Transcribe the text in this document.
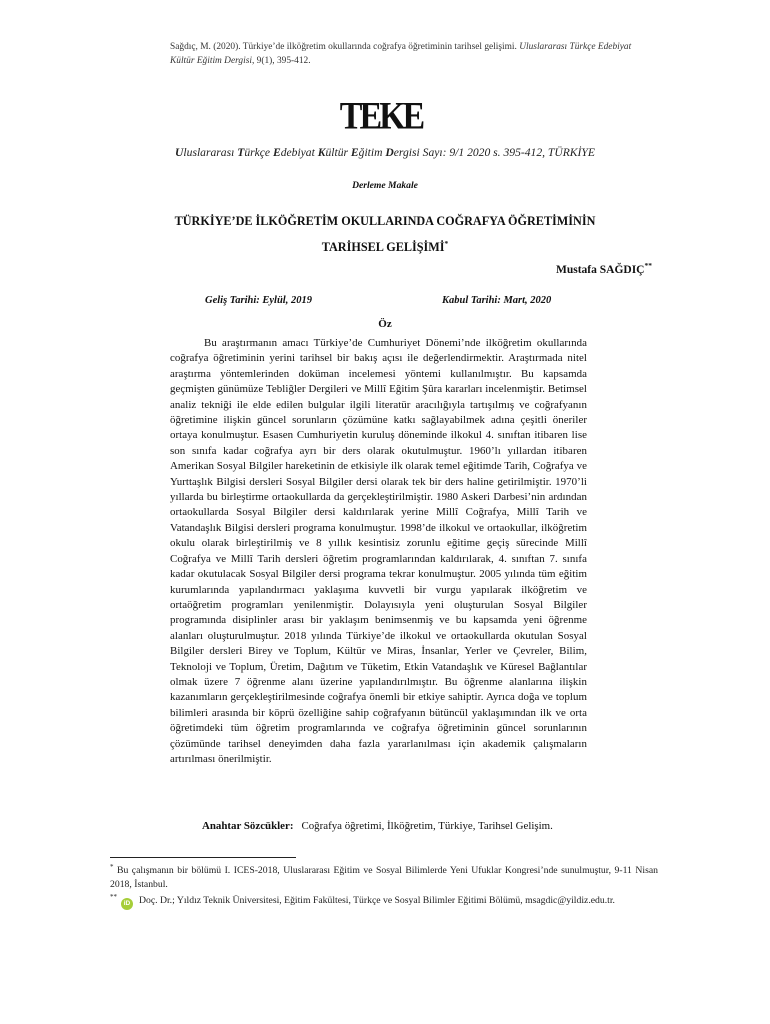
Sağdıç, M. (2020). Türkiye’de ilköğretim okullarında coğrafya öğretiminin tarihsel gelişimi. Uluslararası Türkçe Edebiyat Kültür Eğitim Dergisi, 9(1), 395-412.
TEKE
Uluslararası Türkçe Edebiyat Kültür Eğitim Dergisi Sayı: 9/1 2020 s. 395-412, TÜRKİYE
Derleme Makale
TÜRKİYE’DE İLKÖĞRETİM OKULLARINDA COĞRAFYA ÖĞRETİMİNİN
TARİHSEL GELİŞİMİ*
Mustafa SAĞDIÇ**
Geliş Tarihi: Eylül, 2019	Kabul Tarihi: Mart, 2020
Öz

Bu araştırmanın amacı Türkiye’de Cumhuriyet Dönemi’nde ilköğretim okullarında coğrafya öğretiminin yerini tarihsel bir bakış açısı ile değerlendirmektir. Araştırmada nitel araştırma yöntemlerinden doküman incelemesi yöntemi kullanılmıştır. Bu kapsamda geçmişten günümüze Tebliğler Dergileri ve Millî Eğitim Şûra kararları incelenmiştir. Betimsel analiz tekniği ile elde edilen bulgular ilgili literatür aracılığıyla tartışılmış ve coğrafyanın öğretimine ilişkin güncel sorunların çözümüne katkı sağlayabilmek adına çeşitli öneriler ortaya konulmuştur. Esasen Cumhuriyetin kuruluş döneminde ilkokul 4. sınıftan itibaren lise son sınıfa kadar coğrafya ayrı bir ders olarak okutulmuştur. 1960’lı yıllardan itibaren Amerikan Sosyal Bilgiler hareketinin de etkisiyle ilk olarak temel eğitimde Tarih, Coğrafya ve Yurttaşlık Bilgisi dersleri Sosyal Bilgiler dersi olarak tek bir ders haline getirilmiştir. 1970’li yıllarda bu birleştirme ortaokullarda da gerçekleştirilmiştir. 1980 Askeri Darbesi’nin ardından ortaokullarda Sosyal Bilgiler dersi kaldırılarak yerine Millî Coğrafya, Millî Tarih ve Vatandaşlık Bilgisi dersleri programa konulmuştur. 1998’de ilkokul ve ortaokullar, ilköğretim okulu olarak birleştirilmiş ve 8 yıllık kesintisiz zorunlu eğitime geçiş sürecinde Millî Coğrafya ve Millî Tarih dersleri öğretim programlarından kaldırılarak, 4. sınıftan 7. sınıfa kadar okutulacak Sosyal Bilgiler dersi programa tekrar konulmuştur. 2005 yılında tüm eğitim kurumlarında yapılandırmacı yaklaşıma kuvvetli bir vurgu yapılarak ilköğretim ve ortaöğretim programları yenilenmiştir. Dolayısıyla yeni oluşturulan Sosyal Bilgiler programında disiplinler arası bir yaklaşım benimsenmiş ve bu kapsamda yeni öğrenme alanları oluşturulmuştur. 2018 yılında Türkiye’de ilkokul ve ortaokullarda okutulan Sosyal Bilgiler dersleri Birey ve Toplum, Kültür ve Miras, İnsanlar, Yerler ve Çevreler, Bilim, Teknoloji ve Toplum, Üretim, Dağıtım ve Tüketim, Etkin Vatandaşlık ve Küresel Bağlantılar olmak üzere 7 öğrenme alanı üzerine yapılandırılmıştır. Bu öğrenme alanlarına ilişkin kazanımların gerçekleştirilmesinde coğrafya önemli bir etkiye sahiptir. Ayrıca doğa ve toplum bilimleri arasında bir köprü özelliğine sahip coğrafyanın bütüncül yaklaşımından ilk ve orta öğretimdeki tüm öğretim programlarında ve coğrafya öğretiminin güncel sorunlarının çözümünde tarihsel deneyimden daha fazla yararlanılması için akademik çalışmaların artırılması önerilmiştir.

Anahtar Sözcükler: Coğrafya öğretimi, İlköğretim, Türkiye, Tarihsel Gelişim.
* Bu çalışmanın bir bölümü I. ICES-2018, Uluslararası Eğitim ve Sosyal Bilimlerde Yeni Ufuklar Kongresi’nde sunulmuştur, 9-11 Nisan 2018, İstanbul.
**iD Doç. Dr.; Yıldız Teknik Üniversitesi, Eğitim Fakültesi, Türkçe ve Sosyal Bilimler Eğitimi Bölümü, msagdic@yildiz.edu.tr.
